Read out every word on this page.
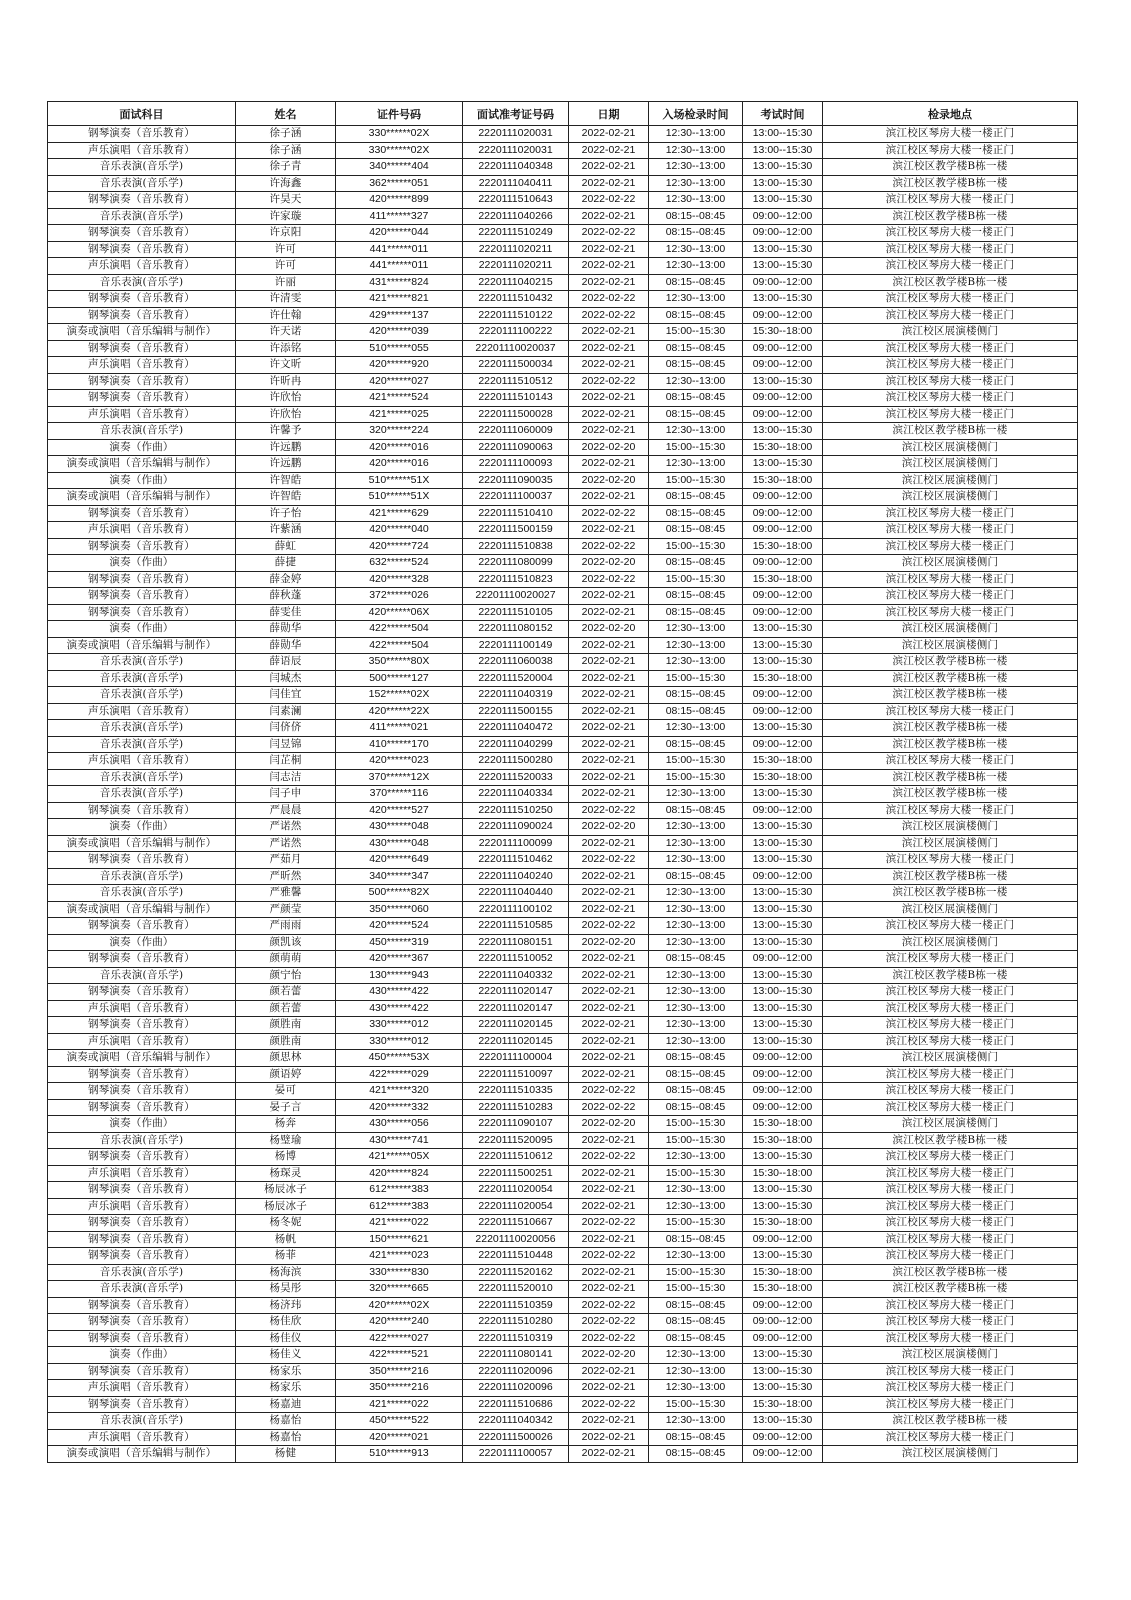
面试科目	姓名	证件号码	面试准考证号码	日期	入场检录时间	考试时间	检录地点
钢琴演奏（音乐教育）	徐子涵	330******02X	2220111020031	2022-02-21	12:30--13:00	13:00--15:30	滨江校区琴房大楼一楼正门
声乐演唱（音乐教育）	徐子涵	330******02X	2220111020031	2022-02-21	12:30--13:00	13:00--15:30	滨江校区琴房大楼一楼正门
音乐表演(音乐学)	徐子青	340******404	2220111040348	2022-02-21	12:30--13:00	13:00--15:30	滨江校区教学楼B栋一楼
音乐表演(音乐学)	许海鑫	362******051	2220111040411	2022-02-21	12:30--13:00	13:00--15:30	滨江校区教学楼B栋一楼
钢琴演奏（音乐教育）	许昊天	420******899	2220111510643	2022-02-22	12:30--13:00	13:00--15:30	滨江校区琴房大楼一楼正门
音乐表演(音乐学)	许家璇	411******327	2220111040266	2022-02-21	08:15--08:45	09:00--12:00	滨江校区教学楼B栋一楼
钢琴演奏（音乐教育）	许京阳	420******044	2220111510249	2022-02-22	08:15--08:45	09:00--12:00	滨江校区琴房大楼一楼正门
钢琴演奏（音乐教育）	许可	441******011	2220111020211	2022-02-21	12:30--13:00	13:00--15:30	滨江校区琴房大楼一楼正门
声乐演唱（音乐教育）	许可	441******011	2220111020211	2022-02-21	12:30--13:00	13:00--15:30	滨江校区琴房大楼一楼正门
音乐表演(音乐学)	许丽	431******824	2220111040215	2022-02-21	08:15--08:45	09:00--12:00	滨江校区教学楼B栋一楼
钢琴演奏（音乐教育）	许清雯	421******821	2220111510432	2022-02-22	12:30--13:00	13:00--15:30	滨江校区琴房大楼一楼正门
钢琴演奏（音乐教育）	许仕翰	429******137	2220111510122	2022-02-22	08:15--08:45	09:00--12:00	滨江校区琴房大楼一楼正门
演奏或演唱（音乐编辑与制作）	许天诺	420******039	2220111100222	2022-02-21	15:00--15:30	15:30--18:00	滨江校区展演楼侧门
钢琴演奏（音乐教育）	许添铭	510******055	22201110020037	2022-02-21	08:15--08:45	09:00--12:00	滨江校区琴房大楼一楼正门
声乐演唱（音乐教育）	许文昕	420******920	2220111500034	2022-02-21	08:15--08:45	09:00--12:00	滨江校区琴房大楼一楼正门
钢琴演奏（音乐教育）	许昕冉	420******027	2220111510512	2022-02-22	12:30--13:00	13:00--15:30	滨江校区琴房大楼一楼正门
钢琴演奏（音乐教育）	许欣怡	421******524	2220111510143	2022-02-21	08:15--08:45	09:00--12:00	滨江校区琴房大楼一楼正门
声乐演唱（音乐教育）	许欣怡	421******025	2220111500028	2022-02-21	08:15--08:45	09:00--12:00	滨江校区琴房大楼一楼正门
音乐表演(音乐学)	许馨予	320******224	2220111060009	2022-02-21	12:30--13:00	13:00--15:30	滨江校区教学楼B栋一楼
演奏（作曲）	许远鹏	420******016	2220111090063	2022-02-20	15:00--15:30	15:30--18:00	滨江校区展演楼侧门
演奏或演唱（音乐编辑与制作）	许远鹏	420******016	2220111100093	2022-02-21	12:30--13:00	13:00--15:30	滨江校区展演楼侧门
演奏（作曲）	许智皓	510******51X	2220111090035	2022-02-20	15:00--15:30	15:30--18:00	滨江校区展演楼侧门
演奏或演唱（音乐编辑与制作）	许智皓	510******51X	2220111100037	2022-02-21	08:15--08:45	09:00--12:00	滨江校区展演楼侧门
钢琴演奏（音乐教育）	许子怡	421******629	2220111510410	2022-02-22	08:15--08:45	09:00--12:00	滨江校区琴房大楼一楼正门
声乐演唱（音乐教育）	许紫涵	420******040	2220111500159	2022-02-21	08:15--08:45	09:00--12:00	滨江校区琴房大楼一楼正门
钢琴演奏（音乐教育）	薛虹	420******724	2220111510838	2022-02-22	15:00--15:30	15:30--18:00	滨江校区琴房大楼一楼正门
演奏（作曲）	薛捷	632******524	2220111080099	2022-02-20	08:15--08:45	09:00--12:00	滨江校区展演楼侧门
钢琴演奏（音乐教育）	薛金婷	420******328	2220111510823	2022-02-22	15:00--15:30	15:30--18:00	滨江校区琴房大楼一楼正门
钢琴演奏（音乐教育）	薛秋蓬	372******026	22201110020027	2022-02-21	08:15--08:45	09:00--12:00	滨江校区琴房大楼一楼正门
钢琴演奏（音乐教育）	薛雯佳	420******06X	2220111510105	2022-02-21	08:15--08:45	09:00--12:00	滨江校区琴房大楼一楼正门
演奏（作曲）	薛勋华	422******504	2220111080152	2022-02-20	12:30--13:00	13:00--15:30	滨江校区展演楼侧门
演奏或演唱（音乐编辑与制作）	薛勋华	422******504	2220111100149	2022-02-21	12:30--13:00	13:00--15:30	滨江校区展演楼侧门
音乐表演(音乐学)	薛语辰	350******80X	2220111060038	2022-02-21	12:30--13:00	13:00--15:30	滨江校区教学楼B栋一楼
音乐表演(音乐学)	闫城杰	500******127	2220111520004	2022-02-21	15:00--15:30	15:30--18:00	滨江校区教学楼B栋一楼
音乐表演(音乐学)	闫佳宜	152******02X	2220111040319	2022-02-21	08:15--08:45	09:00--12:00	滨江校区教学楼B栋一楼
声乐演唱（音乐教育）	闫素澜	420******22X	2220111500155	2022-02-21	08:15--08:45	09:00--12:00	滨江校区琴房大楼一楼正门
音乐表演(音乐学)	闫侪侪	411******021	2220111040472	2022-02-21	12:30--13:00	13:00--15:30	滨江校区教学楼B栋一楼
音乐表演(音乐学)	闫昱锦	410******170	2220111040299	2022-02-21	08:15--08:45	09:00--12:00	滨江校区教学楼B栋一楼
声乐演唱（音乐教育）	闫芷桐	420******023	2220111500280	2022-02-21	15:00--15:30	15:30--18:00	滨江校区琴房大楼一楼正门
音乐表演(音乐学)	闫志洁	370******12X	2220111520033	2022-02-21	15:00--15:30	15:30--18:00	滨江校区教学楼B栋一楼
音乐表演(音乐学)	闫子申	370******116	2220111040334	2022-02-21	12:30--13:00	13:00--15:30	滨江校区教学楼B栋一楼
钢琴演奏（音乐教育）	严晨晨	420******527	2220111510250	2022-02-22	08:15--08:45	09:00--12:00	滨江校区琴房大楼一楼正门
演奏（作曲）	严诺然	430******048	2220111090024	2022-02-20	12:30--13:00	13:00--15:30	滨江校区展演楼侧门
演奏或演唱（音乐编辑与制作）	严诺然	430******048	2220111100099	2022-02-21	12:30--13:00	13:00--15:30	滨江校区展演楼侧门
钢琴演奏（音乐教育）	严茹月	420******649	2220111510462	2022-02-22	12:30--13:00	13:00--15:30	滨江校区琴房大楼一楼正门
音乐表演(音乐学)	严昕然	340******347	2220111040240	2022-02-21	08:15--08:45	09:00--12:00	滨江校区教学楼B栋一楼
音乐表演(音乐学)	严雅馨	500******82X	2220111040440	2022-02-21	12:30--13:00	13:00--15:30	滨江校区教学楼B栋一楼
演奏或演唱（音乐编辑与制作）	严颜莹	350******060	2220111100102	2022-02-21	12:30--13:00	13:00--15:30	滨江校区展演楼侧门
钢琴演奏（音乐教育）	严雨雨	420******524	2220111510585	2022-02-22	12:30--13:00	13:00--15:30	滨江校区琴房大楼一楼正门
演奏（作曲）	颜凯该	450******319	2220111080151	2022-02-20	12:30--13:00	13:00--15:30	滨江校区展演楼侧门
钢琴演奏（音乐教育）	颜萌萌	420******367	2220111510052	2022-02-21	08:15--08:45	09:00--12:00	滨江校区琴房大楼一楼正门
音乐表演(音乐学)	颜宁怡	130******943	2220111040332	2022-02-21	12:30--13:00	13:00--15:30	滨江校区教学楼B栋一楼
钢琴演奏（音乐教育）	颜若蕾	430******422	2220111020147	2022-02-21	12:30--13:00	13:00--15:30	滨江校区琴房大楼一楼正门
声乐演唱（音乐教育）	颜若蕾	430******422	2220111020147	2022-02-21	12:30--13:00	13:00--15:30	滨江校区琴房大楼一楼正门
钢琴演奏（音乐教育）	颜胜南	330******012	2220111020145	2022-02-21	12:30--13:00	13:00--15:30	滨江校区琴房大楼一楼正门
声乐演唱（音乐教育）	颜胜南	330******012	2220111020145	2022-02-21	12:30--13:00	13:00--15:30	滨江校区琴房大楼一楼正门
演奏或演唱（音乐编辑与制作）	颜思林	450******53X	2220111100004	2022-02-21	08:15--08:45	09:00--12:00	滨江校区展演楼侧门
钢琴演奏（音乐教育）	颜语婷	422******029	2220111510097	2022-02-21	08:15--08:45	09:00--12:00	滨江校区琴房大楼一楼正门
钢琴演奏（音乐教育）	晏可	421******320	2220111510335	2022-02-22	08:15--08:45	09:00--12:00	滨江校区琴房大楼一楼正门
钢琴演奏（音乐教育）	晏子言	420******332	2220111510283	2022-02-22	08:15--08:45	09:00--12:00	滨江校区琴房大楼一楼正门
演奏（作曲）	杨奔	430******056	2220111090107	2022-02-20	15:00--15:30	15:30--18:00	滨江校区展演楼侧门
音乐表演(音乐学)	杨璧瑜	430******741	2220111520095	2022-02-21	15:00--15:30	15:30--18:00	滨江校区教学楼B栋一楼
钢琴演奏（音乐教育）	杨博	421******05X	2220111510612	2022-02-22	12:30--13:00	13:00--15:30	滨江校区琴房大楼一楼正门
声乐演唱（音乐教育）	杨琛灵	420******824	2220111500251	2022-02-21	15:00--15:30	15:30--18:00	滨江校区琴房大楼一楼正门
钢琴演奏（音乐教育）	杨辰冰子	612******383	2220111020054	2022-02-21	12:30--13:00	13:00--15:30	滨江校区琴房大楼一楼正门
声乐演唱（音乐教育）	杨辰冰子	612******383	2220111020054	2022-02-21	12:30--13:00	13:00--15:30	滨江校区琴房大楼一楼正门
钢琴演奏（音乐教育）	杨冬妮	421******022	2220111510667	2022-02-22	15:00--15:30	15:30--18:00	滨江校区琴房大楼一楼正门
钢琴演奏（音乐教育）	杨帆	150******621	22201110020056	2022-02-21	08:15--08:45	09:00--12:00	滨江校区琴房大楼一楼正门
钢琴演奏（音乐教育）	杨菲	421******023	2220111510448	2022-02-22	12:30--13:00	13:00--15:30	滨江校区琴房大楼一楼正门
音乐表演(音乐学)	杨海滨	330******830	2220111520162	2022-02-21	15:00--15:30	15:30--18:00	滨江校区教学楼B栋一楼
音乐表演(音乐学)	杨昊彤	320******665	2220111520010	2022-02-21	15:00--15:30	15:30--18:00	滨江校区教学楼B栋一楼
钢琴演奏（音乐教育）	杨济玮	420******02X	2220111510359	2022-02-22	08:15--08:45	09:00--12:00	滨江校区琴房大楼一楼正门
钢琴演奏（音乐教育）	杨佳欣	420******240	2220111510280	2022-02-22	08:15--08:45	09:00--12:00	滨江校区琴房大楼一楼正门
钢琴演奏（音乐教育）	杨佳仪	422******027	2220111510319	2022-02-22	08:15--08:45	09:00--12:00	滨江校区琴房大楼一楼正门
演奏（作曲）	杨佳义	422******521	2220111080141	2022-02-20	12:30--13:00	13:00--15:30	滨江校区展演楼侧门
钢琴演奏（音乐教育）	杨家乐	350******216	2220111020096	2022-02-21	12:30--13:00	13:00--15:30	滨江校区琴房大楼一楼正门
声乐演唱（音乐教育）	杨家乐	350******216	2220111020096	2022-02-21	12:30--13:00	13:00--15:30	滨江校区琴房大楼一楼正门
钢琴演奏（音乐教育）	杨嘉迪	421******022	2220111510686	2022-02-22	15:00--15:30	15:30--18:00	滨江校区琴房大楼一楼正门
音乐表演(音乐学)	杨嘉怡	450******522	2220111040342	2022-02-21	12:30--13:00	13:00--15:30	滨江校区教学楼B栋一楼
声乐演唱（音乐教育）	杨嘉怡	420******021	2220111500026	2022-02-21	08:15--08:45	09:00--12:00	滨江校区琴房大楼一楼正门
演奏或演唱（音乐编辑与制作）	杨健	510******913	2220111100057	2022-02-21	08:15--08:45	09:00--12:00	滨江校区展演楼侧门
